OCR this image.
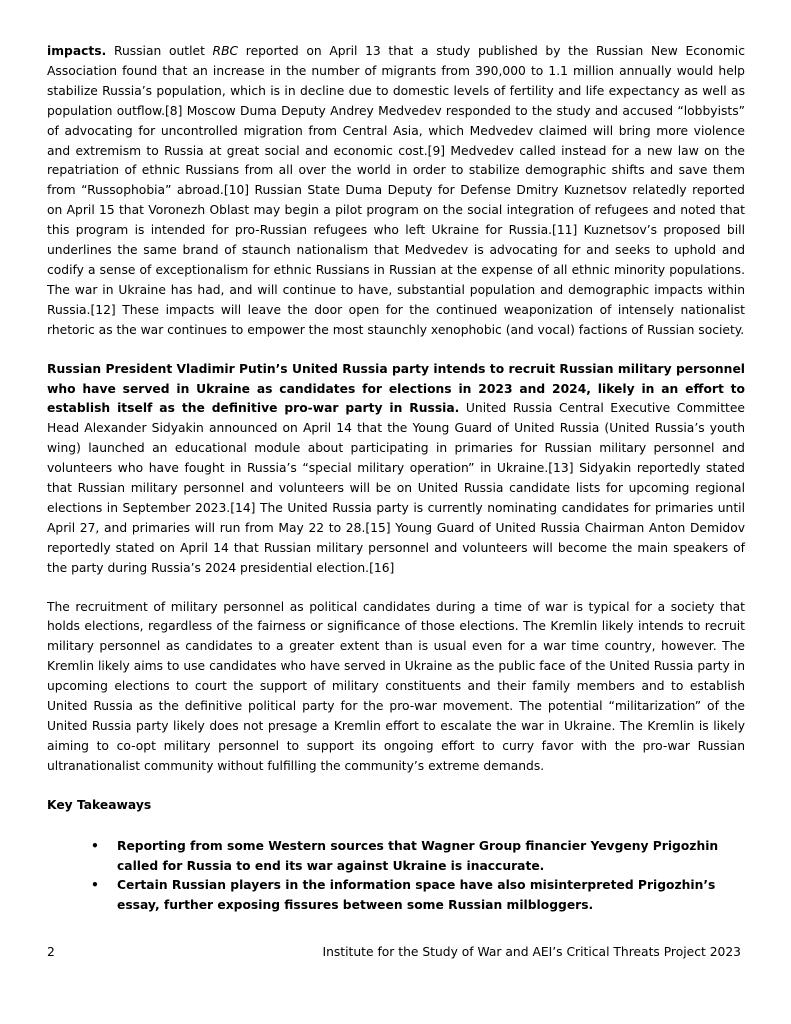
impacts. Russian outlet RBC reported on April 13 that a study published by the Russian New Economic Association found that an increase in the number of migrants from 390,000 to 1.1 million annually would help stabilize Russia’s population, which is in decline due to domestic levels of fertility and life expectancy as well as population outflow.[8] Moscow Duma Deputy Andrey Medvedev responded to the study and accused “lobbyists” of advocating for uncontrolled migration from Central Asia, which Medvedev claimed will bring more violence and extremism to Russia at great social and economic cost.[9] Medvedev called instead for a new law on the repatriation of ethnic Russians from all over the world in order to stabilize demographic shifts and save them from “Russophobia” abroad.[10] Russian State Duma Deputy for Defense Dmitry Kuznetsov relatedly reported on April 15 that Voronezh Oblast may begin a pilot program on the social integration of refugees and noted that this program is intended for pro-Russian refugees who left Ukraine for Russia.[11] Kuznetsov’s proposed bill underlines the same brand of staunch nationalism that Medvedev is advocating for and seeks to uphold and codify a sense of exceptionalism for ethnic Russians in Russian at the expense of all ethnic minority populations. The war in Ukraine has had, and will continue to have, substantial population and demographic impacts within Russia.[12] These impacts will leave the door open for the continued weaponization of intensely nationalist rhetoric as the war continues to empower the most staunchly xenophobic (and vocal) factions of Russian society.

Russian President Vladimir Putin’s United Russia party intends to recruit Russian military personnel who have served in Ukraine as candidates for elections in 2023 and 2024, likely in an effort to establish itself as the definitive pro-war party in Russia. United Russia Central Executive Committee Head Alexander Sidyakin announced on April 14 that the Young Guard of United Russia (United Russia’s youth wing) launched an educational module about participating in primaries for Russian military personnel and volunteers who have fought in Russia’s “special military operation” in Ukraine.[13] Sidyakin reportedly stated that Russian military personnel and volunteers will be on United Russia candidate lists for upcoming regional elections in September 2023.[14] The United Russia party is currently nominating candidates for primaries until April 27, and primaries will run from May 22 to 28.[15] Young Guard of United Russia Chairman Anton Demidov reportedly stated on April 14 that Russian military personnel and volunteers will become the main speakers of the party during Russia’s 2024 presidential election.[16]

The recruitment of military personnel as political candidates during a time of war is typical for a society that holds elections, regardless of the fairness or significance of those elections. The Kremlin likely intends to recruit military personnel as candidates to a greater extent than is usual even for a war time country, however. The Kremlin likely aims to use candidates who have served in Ukraine as the public face of the United Russia party in upcoming elections to court the support of military constituents and their family members and to establish United Russia as the definitive political party for the pro-war movement. The potential “militarization” of the United Russia party likely does not presage a Kremlin effort to escalate the war in Ukraine. The Kremlin is likely aiming to co-opt military personnel to support its ongoing effort to curry favor with the pro-war Russian ultranationalist community without fulfilling the community’s extreme demands.

Key Takeaways
• Reporting from some Western sources that Wagner Group financier Yevgeny Prigozhin called for Russia to end its war against Ukraine is inaccurate.
• Certain Russian players in the information space have also misinterpreted Prigozhin’s essay, further exposing fissures between some Russian milbloggers.
2	Institute for the Study of War and AEI’s Critical Threats Project 2023
